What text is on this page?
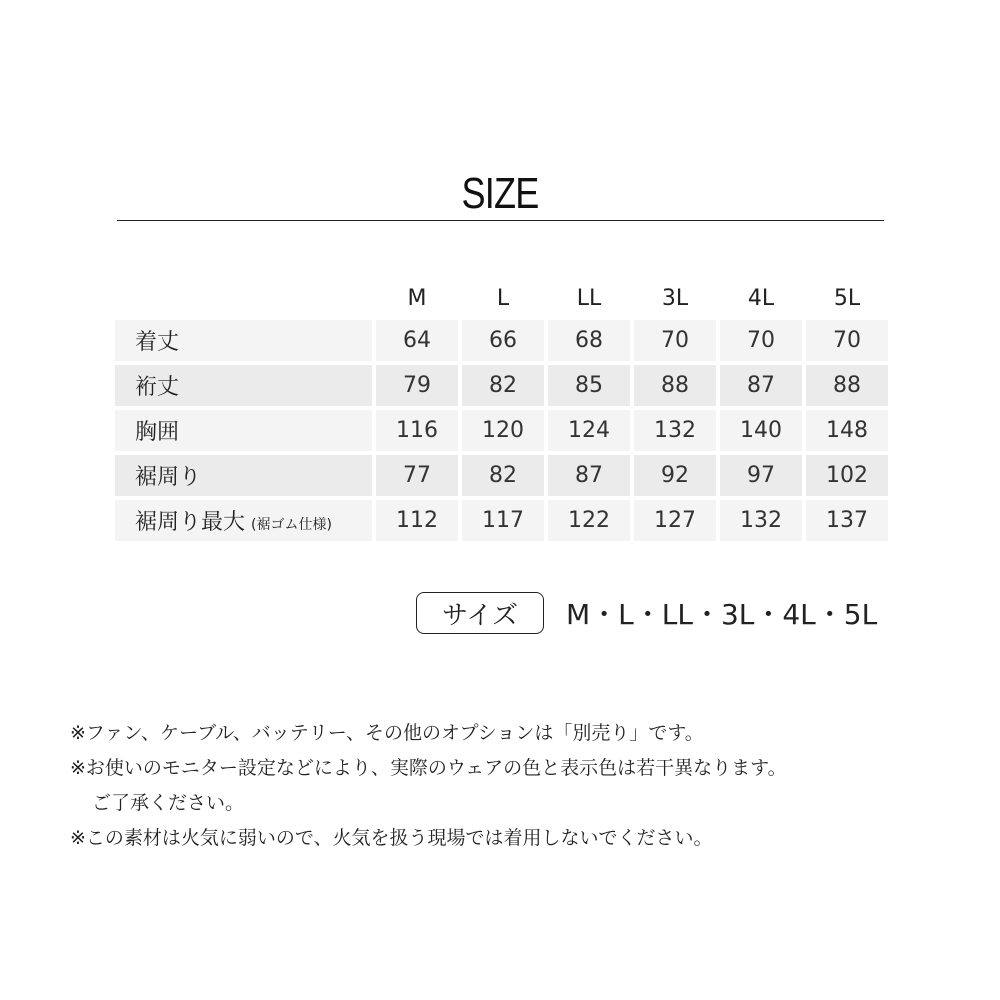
SIZE
	M	L	LL	3L	4L	5L
着丈	64	66	68	70	70	70
裄丈	79	82	85	88	87	88
胸囲	116	120	124	132	140	148
裾周り	77	82	87	92	97	102
裾周り最大 (裾ゴム仕様)	112	117	122	127	132	137
サイズ	M・L・LL・3L・4L・5L
※ファン、ケーブル、バッテリー、その他のオプションは「別売り」です。
※お使いのモニター設定などにより、実際のウェアの色と表示色は若干異なります。
ご了承ください。
※この素材は火気に弱いので、火気を扱う現場では着用しないでください。
